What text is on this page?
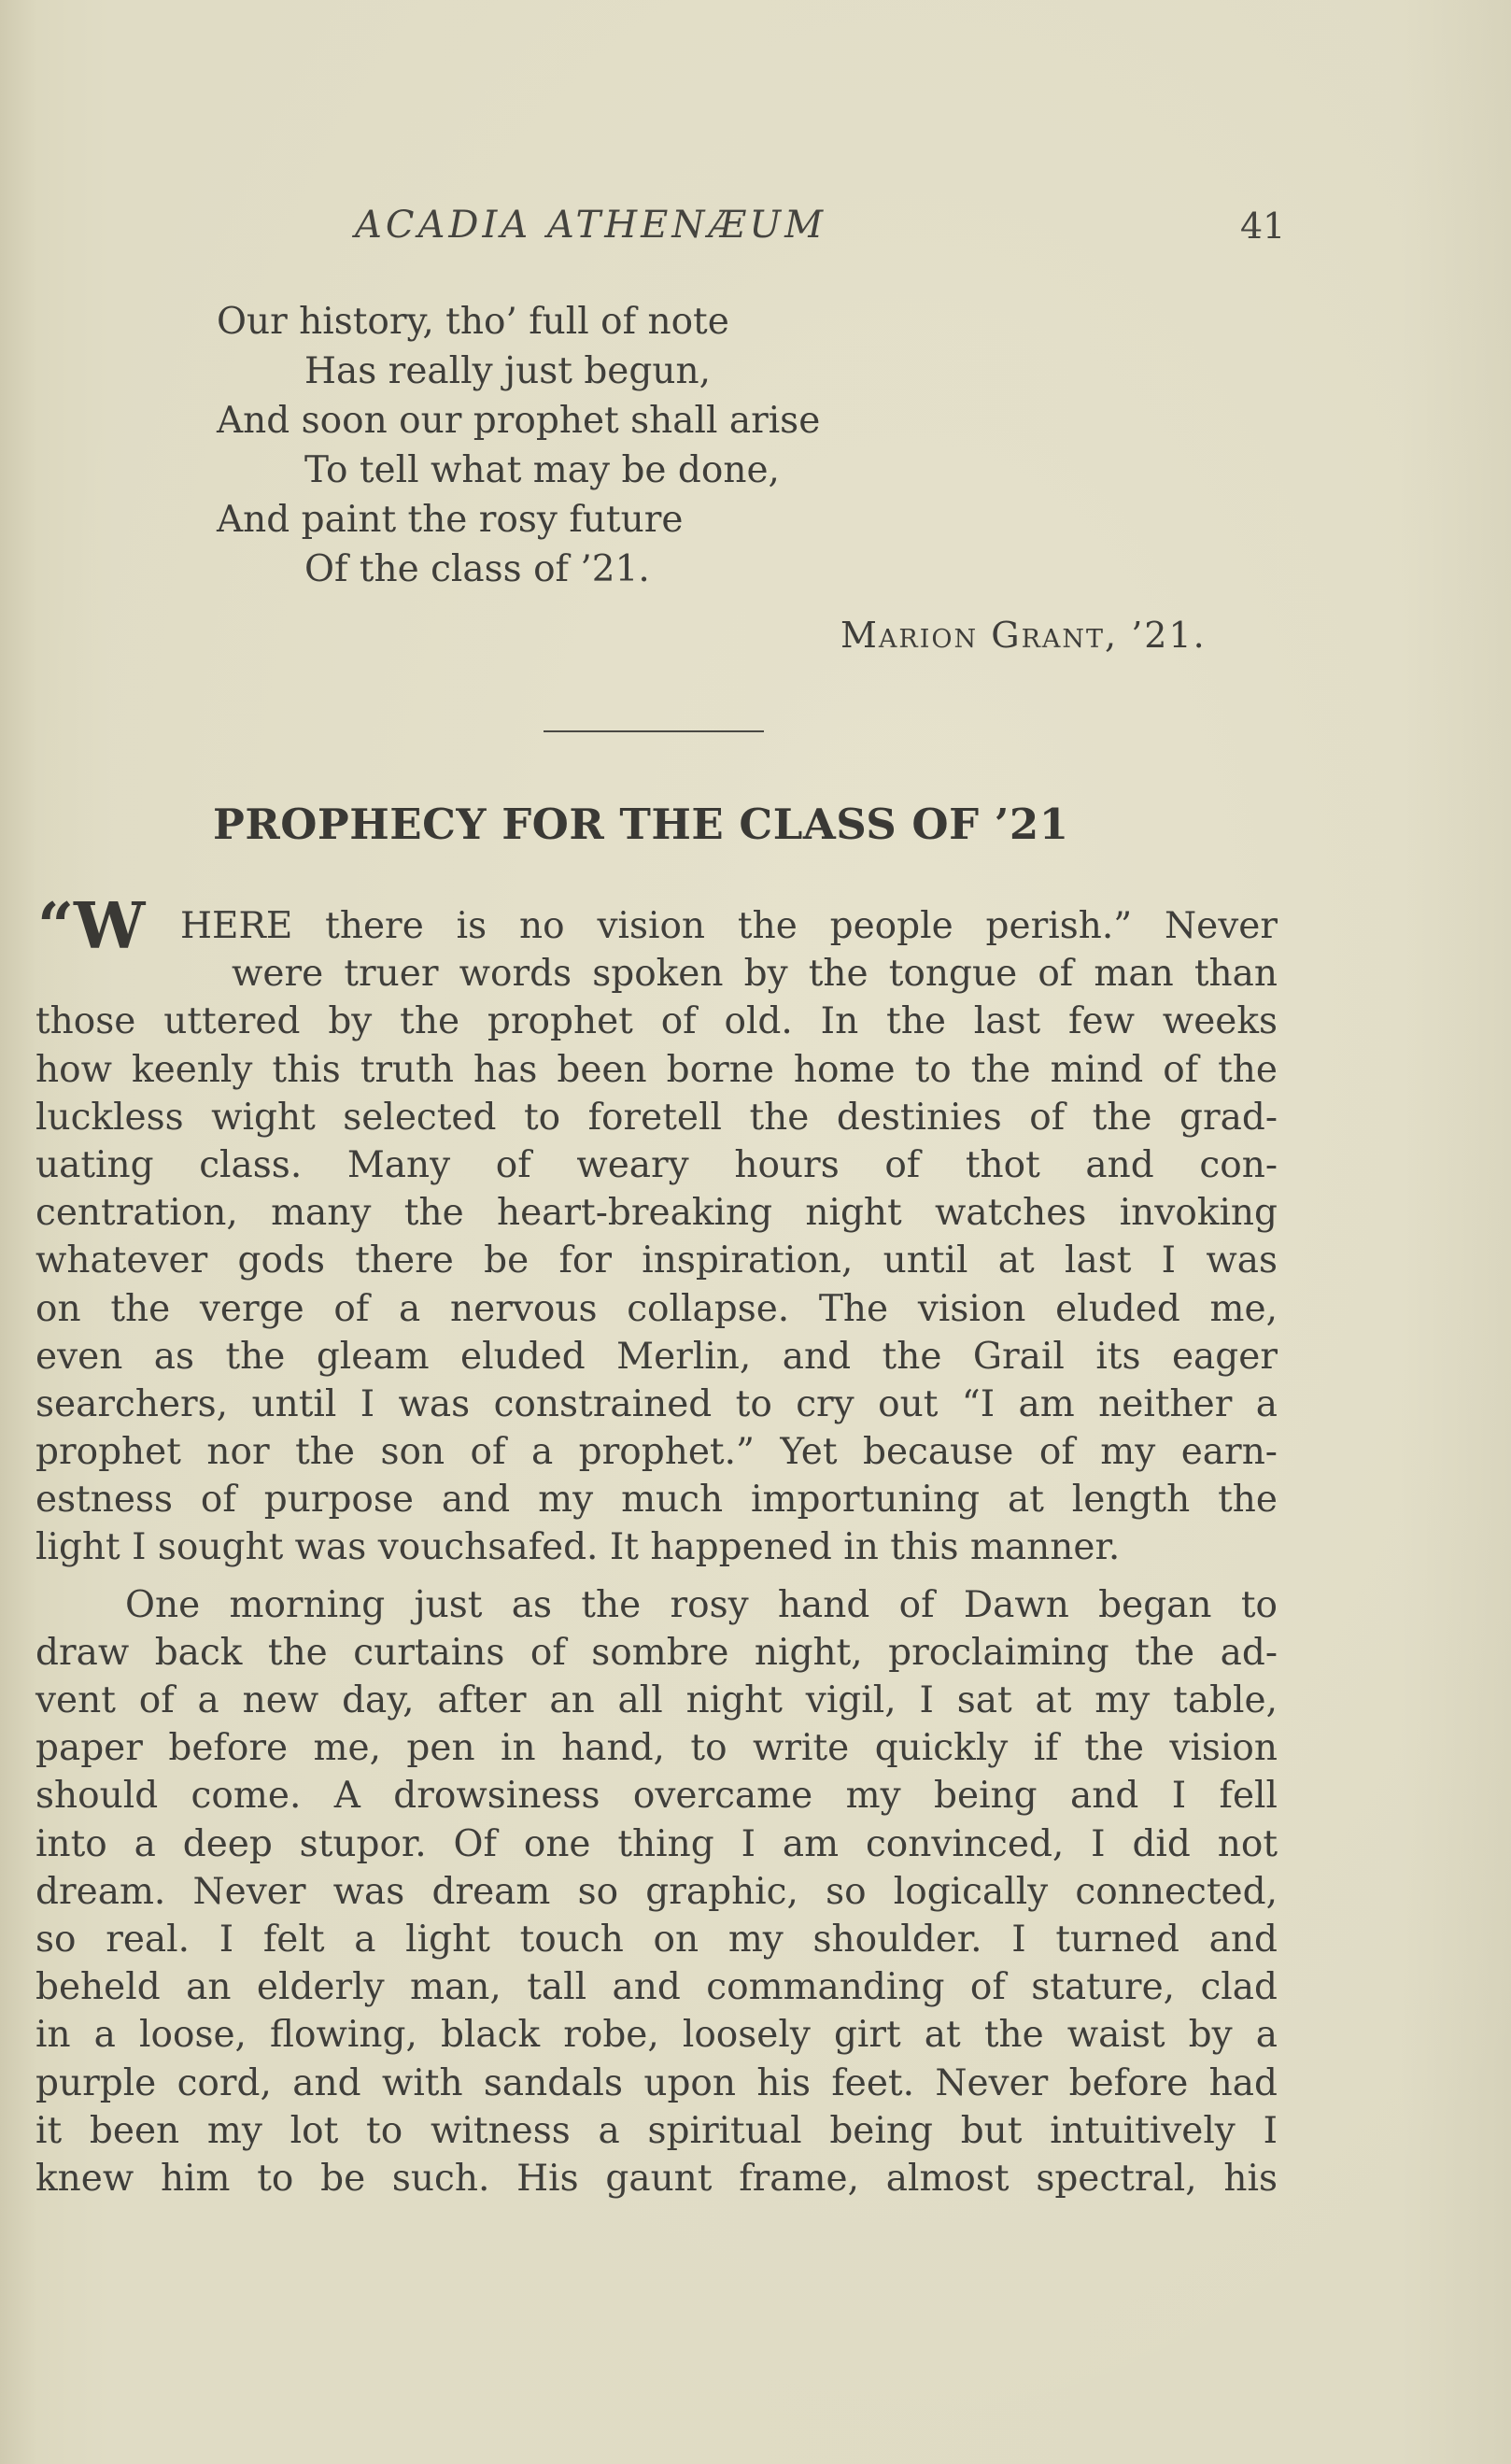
ACADIA ATHENÆUM	41
Our history, tho’ full of note
Has really just begun,
And soon our prophet shall arise
To tell what may be done,
And paint the rosy future
Of the class of ’21.
Marion Grant, ’21.
PROPHECY FOR THE CLASS OF ’21
“W HERE there is no vision the people perish.” Never
were truer words spoken by the tongue of man than
those uttered by the prophet of old. In the last few weeks
how keenly this truth has been borne home to the mind of the
luckless wight selected to foretell the destinies of the grad-
uating class. Many of weary hours of thot and con-
centration, many the heart-breaking night watches invoking
whatever gods there be for inspiration, until at last I was
on the verge of a nervous collapse. The vision eluded me,
even as the gleam eluded Merlin, and the Grail its eager
searchers, until I was constrained to cry out “I am neither a
prophet nor the son of a prophet.” Yet because of my earn-
estness of purpose and my much importuning at length the
light I sought was vouchsafed. It happened in this manner.
One morning just as the rosy hand of Dawn began to
draw back the curtains of sombre night, proclaiming the ad-
vent of a new day, after an all night vigil, I sat at my table,
paper before me, pen in hand, to write quickly if the vision
should come. A drowsiness overcame my being and I fell
into a deep stupor. Of one thing I am convinced, I did not
dream. Never was dream so graphic, so logically connected,
so real. I felt a light touch on my shoulder. I turned and
beheld an elderly man, tall and commanding of stature, clad
in a loose, flowing, black robe, loosely girt at the waist by a
purple cord, and with sandals upon his feet. Never before had
it been my lot to witness a spiritual being but intuitively I
knew him to be such. His gaunt frame, almost spectral, his
